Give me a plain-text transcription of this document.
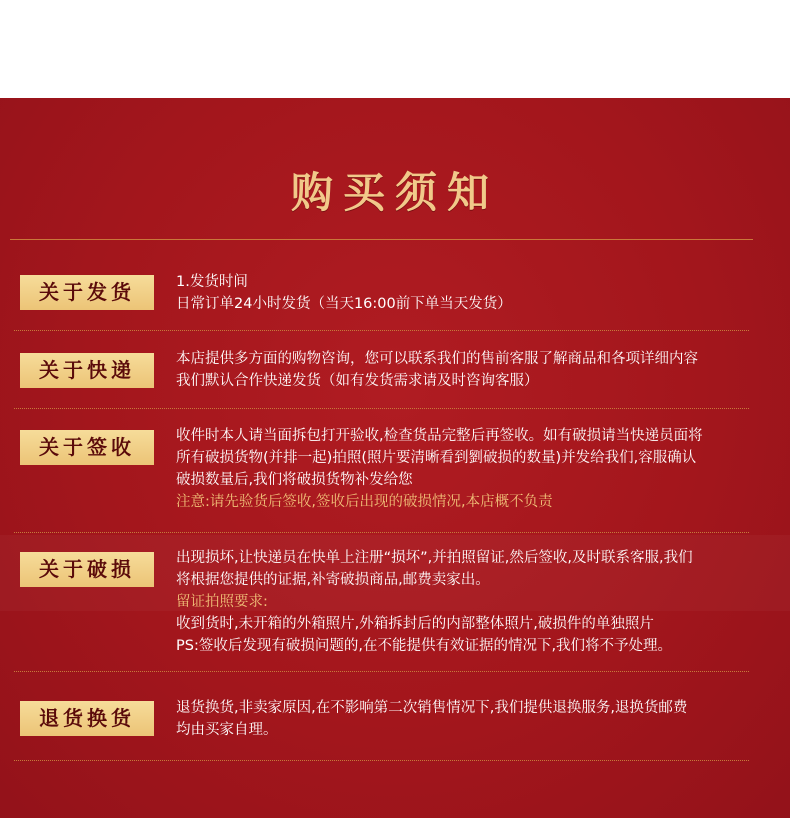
购买须知
关于发货	1.发货时间
日常订单24小时发货（当天16:00前下单当天发货）
关于快递	本店提供多方面的购物咨询，您可以联系我们的售前客服了解商品和各项详细内容
我们默认合作快递发货（如有发货需求请及时咨询客服）
关于签收	收件时本人请当面拆包打开验收,检查货品完整后再签收。如有破损请当快递员面将
所有破损货物(并排一起)拍照(照片要清晰看到劉破损的数量)并发给我们,容服确认
破损数量后,我们将破损货物补发给您
注意:请先验货后签收,签收后出现的破损情况,本店概不负责
关于破损	出现损坏,让快递员在快单上注册“损坏”,并拍照留证,然后签收,及时联系客服,我们
将根据您提供的证据,补寄破损商品,邮费卖家出。
留证拍照要求:
收到货时,未开箱的外箱照片,外箱拆封后的内部整体照片,破损件的单独照片
PS:签收后发现有破损问题的,在不能提供有效证据的情况下,我们将不予处理。
退货换货	退货换货,非卖家原因,在不影响第二次销售情况下,我们提供退换服务,退换货邮费
均由买家自理。
